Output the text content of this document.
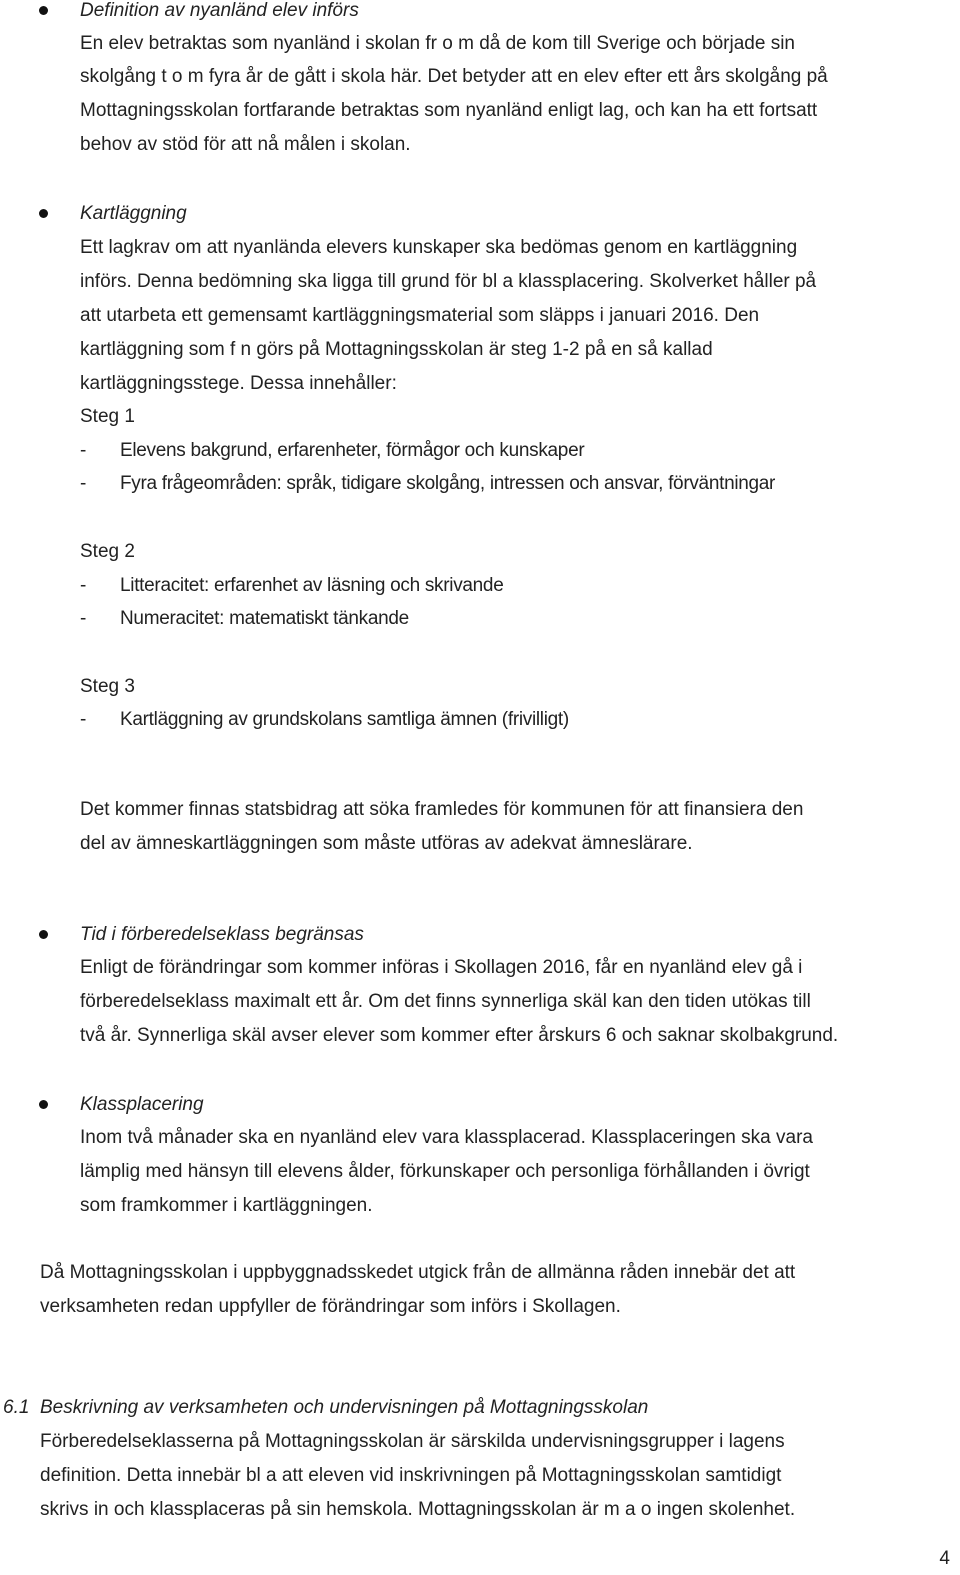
Definition av nyanländ elev införs
En elev betraktas som nyanländ i skolan fr o m då de kom till Sverige och började sin
skolgång t o m fyra år de gått i skola här. Det betyder att en elev efter ett års skolgång på
Mottagningsskolan fortfarande betraktas som nyanländ enligt lag, och kan ha ett fortsatt
behov av stöd för att nå målen i skolan.
Kartläggning
Ett lagkrav om att nyanlända elevers kunskaper ska bedömas genom en kartläggning
införs. Denna bedömning ska ligga till grund för bl a klassplacering. Skolverket håller på
att utarbeta ett gemensamt kartläggningsmaterial som släpps i januari 2016. Den
kartläggning som f n görs på Mottagningsskolan är steg 1-2 på en så kallad
kartläggningsstege. Dessa innehåller:
Steg 1
- Elevens bakgrund, erfarenheter, förmågor och kunskaper
- Fyra frågeområden: språk, tidigare skolgång, intressen och ansvar, förväntningar
Steg 2
- Litteracitet: erfarenhet av läsning och skrivande
- Numeracitet: matematiskt tänkande
Steg 3
- Kartläggning av grundskolans samtliga ämnen (frivilligt)
Det kommer finnas statsbidrag att söka framledes för kommunen för att finansiera den
del av ämneskartläggningen som måste utföras av adekvat ämneslärare.
Tid i förberedelseklass begränsas
Enligt de förändringar som kommer införas i Skollagen 2016, får en nyanländ elev gå i
förberedelseklass maximalt ett år. Om det finns synnerliga skäl kan den tiden utökas till
två år. Synnerliga skäl avser elever som kommer efter årskurs 6 och saknar skolbakgrund.
Klassplacering
Inom två månader ska en nyanländ elev vara klassplacerad. Klassplaceringen ska vara
lämplig med hänsyn till elevens ålder, förkunskaper och personliga förhållanden i övrigt
som framkommer i kartläggningen.
Då Mottagningsskolan i uppbyggnadsskedet utgick från de allmänna råden innebär det att
verksamheten redan uppfyller de förändringar som införs i Skollagen.
6.1 Beskrivning av verksamheten och undervisningen på Mottagningsskolan
Förberedelseklasserna på Mottagningsskolan är särskilda undervisningsgrupper i lagens
definition. Detta innebär bl a att eleven vid inskrivningen på Mottagningsskolan samtidigt
skrivs in och klassplaceras på sin hemskola. Mottagningsskolan är m a o ingen skolenhet.
4
